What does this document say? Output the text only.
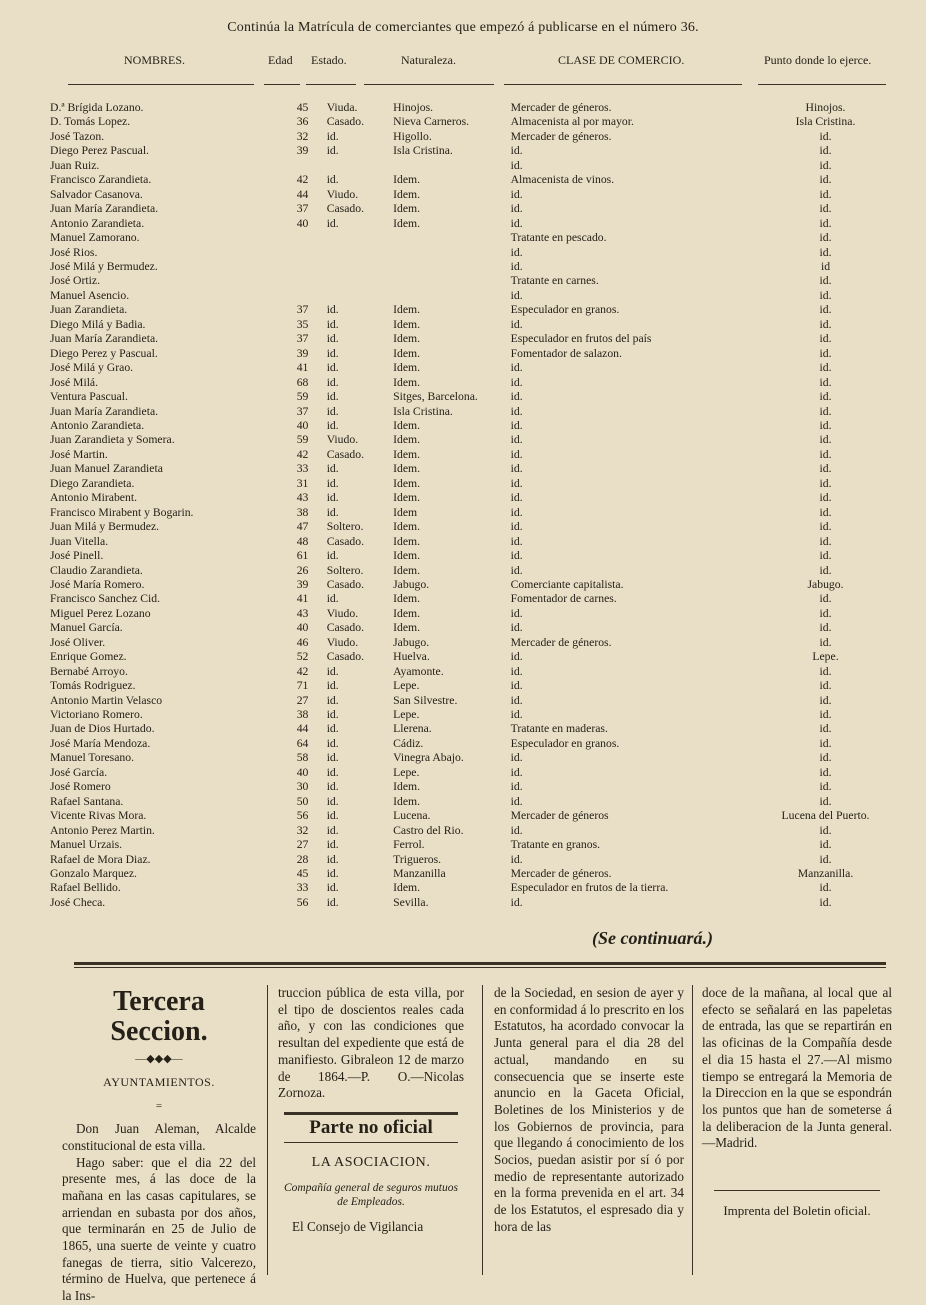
Continúa la Matrícula de comerciantes que empezó á publicarse en el número 36.
NOMBRES.	Edad Estado.	Naturaleza.	CLASE DE COMERCIO.	Punto donde lo ejerce.
D.ª Brígida Lozano.	45	Viuda.	Hinojos.	Mercader de géneros.	Hinojos.
D. Tomás Lopez.	36	Casado.	Nieva Carneros.	Almacenista al por mayor.	Isla Cristina.
José Tazon.	32	id.	Higollo.	Mercader de géneros.	id.
Diego Perez Pascual.	39	id.	Isla Cristina.	id.	id.
Juan Ruiz.				id.	id.
Francisco Zarandieta.	42	id.	Idem.	Almacenista de vinos.	id.
Salvador Casanova.	44	Viudo.	Idem.	id.	id.
Juan María Zarandieta.	37	Casado.	Idem.	id.	id.
Antonio Zarandieta.	40	id.	Idem.	id.	id.
Manuel Zamorano.				Tratante en pescado.	id.
José Rios.				id.	id.
José Milá y Bermudez.				id.	id
José Ortiz.				Tratante en carnes.	id.
Manuel Asencio.				id.	id.
Juan Zarandieta.	37	id.	Idem.	Especulador en granos.	id.
Diego Milá y Badia.	35	id.	Idem.	id.	id.
Juan María Zarandieta.	37	id.	Idem.	Especulador en frutos del país	id.
Diego Perez y Pascual.	39	id.	Idem.	Fomentador de salazon.	id.
José Milá y Grao.	41	id.	Idem.	id.	id.
José Milá.	68	id.	Idem.	id.	id.
Ventura Pascual.	59	id.	Sitges, Barcelona.	id.	id.
Juan María Zarandieta.	37	id.	Isla Cristina.	id.	id.
Antonio Zarandieta.	40	id.	Idem.	id.	id.
Juan Zarandieta y Somera.	59	Viudo.	Idem.	id.	id.
José Martin.	42	Casado.	Idem.	id.	id.
Juan Manuel Zarandieta	33	id.	Idem.	id.	id.
Diego Zarandieta.	31	id.	Idem.	id.	id.
Antonio Mirabent.	43	id.	Idem.	id.	id.
Francisco Mirabent y Bogarin.	38	id.	Idem	id.	id.
Juan Milá y Bermudez.	47	Soltero.	Idem.	id.	id.
Juan Vitella.	48	Casado.	Idem.	id.	id.
José Pinell.	61	id.	Idem.	id.	id.
Claudio Zarandieta.	26	Soltero.	Idem.	id.	id.
José María Romero.	39	Casado.	Jabugo.	Comerciante capitalista.	Jabugo.
Francisco Sanchez Cid.	41	id.	Idem.	Fomentador de carnes.	id.
Miguel Perez Lozano	43	Viudo.	Idem.	id.	id.
Manuel García.	40	Casado.	Idem.	id.	id.
José Oliver.	46	Viudo.	Jabugo.	Mercader de géneros.	id.
Enrique Gomez.	52	Casado.	Huelva.	id.	Lepe.
Bernabé Arroyo.	42	id.	Ayamonte.	id.	id.
Tomás Rodriguez.	71	id.	Lepe.	id.	id.
Antonio Martin Velasco	27	id.	San Silvestre.	id.	id.
Victoriano Romero.	38	id.	Lepe.	id.	id.
Juan de Dios Hurtado.	44	id.	Llerena.	Tratante en maderas.	id.
José María Mendoza.	64	id.	Cádiz.	Especulador en granos.	id.
Manuel Toresano.	58	id.	Vinegra Abajo.	id.	id.
José García.	40	id.	Lepe.	id.	id.
José Romero	30	id.	Idem.	id.	id.
Rafael Santana.	50	id.	Idem.	id.	id.
Vicente Rivas Mora.	56	id.	Lucena.	Mercader de géneros	Lucena del Puerto.
Antonio Perez Martin.	32	id.	Castro del Rio.	id.	id.
Manuel Urzais.	27	id.	Ferrol.	Tratante en granos.	id.
Rafael de Mora Diaz.	28	id.	Trigueros.	id.	id.
Gonzalo Marquez.	45	id.	Manzanilla	Mercader de géneros.	Manzanilla.
Rafael Bellido.	33	id.	Idem.	Especulador en frutos de la tierra.	id.
José Checa.	56	id.	Sevilla.	id.	id.
(Se continuará.)
Tercera Seccion.
—◆◆◆—
AYUNTAMIENTOS.
=

Don Juan Aleman, Alcalde constitucional de esta villa.

Hago saber: que el dia 22 del presente mes, á las doce de la mañana en las casas capitulares, se arriendan en subasta por dos años, que terminarán en 25 de Julio de 1865, una suerte de veinte y cuatro fanegas de tierra, sitio Valcerezo, término de Huelva, que pertenece á la Ins-

truccion pública de esta villa, por el tipo de doscientos reales cada año, y con las condiciones que resultan del expediente que está de manifiesto. Gibraleon 12 de marzo de 1864.—P. O.—Nicolas Zornoza.

Parte no oficial
LA ASOCIACION.
Compañía general de seguros mutuos de Empleados.

El Consejo de Vigilancia

de la Sociedad, en sesion de ayer y en conformidad á lo prescrito en los Estatutos, ha acordado convocar la Junta general para el dia 28 del actual, mandando en su consecuencia que se inserte este anuncio en la Gaceta Oficial, Boletines de los Ministerios y de los Gobiernos de provincia, para que llegando á conocimiento de los Socios, puedan asistir por sí ó por medio de representante autorizado en la forma prevenida en el art. 34 de los Estatutos, el espresado dia y hora de las

doce de la mañana, al local que al efecto se señalará en las papeletas de entrada, las que se repartirán en las oficinas de la Compañía desde el dia 15 hasta el 27.—Al mismo tiempo se entregará la Memoria de la Direccion en la que se espondrán los puntos que han de someterse á la deliberacion de la Junta general.—Madrid.

Imprenta del Boletin oficial.
